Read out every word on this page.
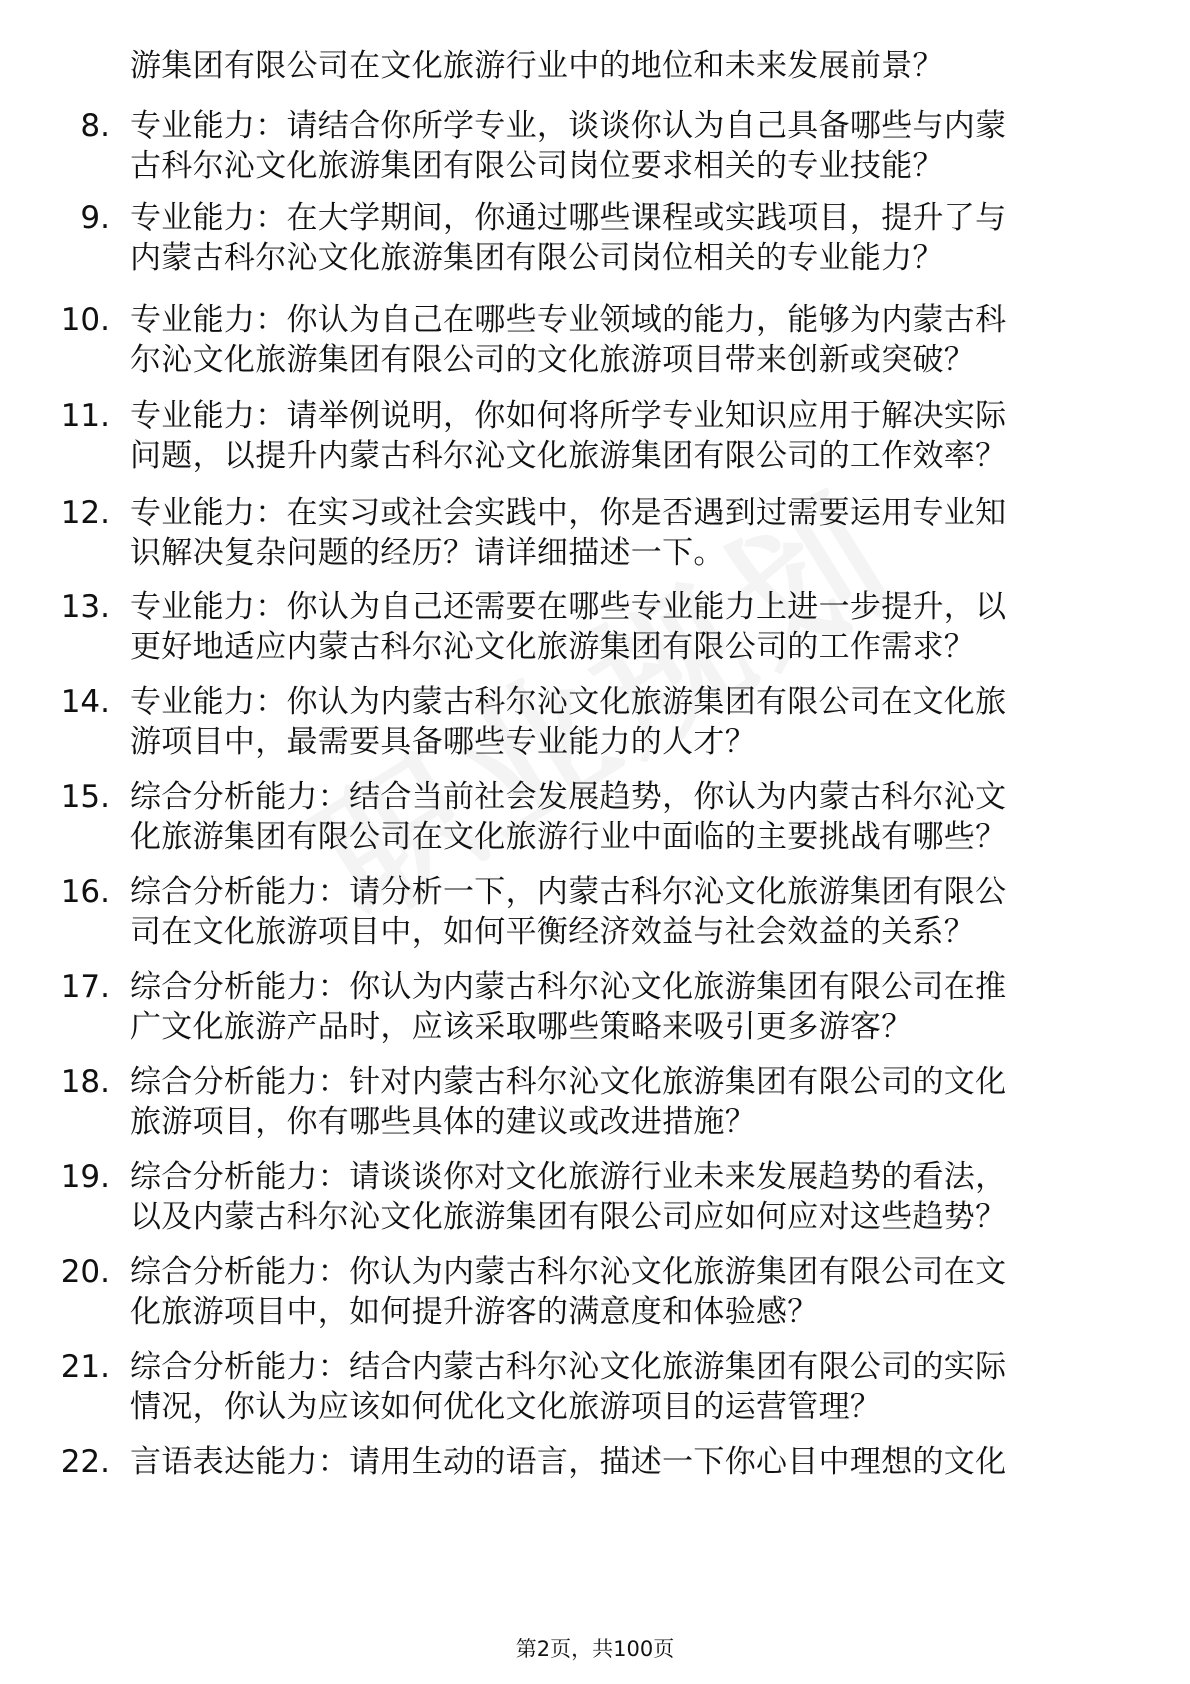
游集团有限公司在文化旅游行业中的地位和未来发展前景？
8. 专业能力：请结合你所学专业，谈谈你认为自己具备哪些与内蒙
古科尔沁文化旅游集团有限公司岗位要求相关的专业技能？
9. 专业能力：在大学期间，你通过哪些课程或实践项目，提升了与
内蒙古科尔沁文化旅游集团有限公司岗位相关的专业能力？
10. 专业能力：你认为自己在哪些专业领域的能力，能够为内蒙古科
尔沁文化旅游集团有限公司的文化旅游项目带来创新或突破？
11. 专业能力：请举例说明，你如何将所学专业知识应用于解决实际
问题，以提升内蒙古科尔沁文化旅游集团有限公司的工作效率？
12. 专业能力：在实习或社会实践中，你是否遇到过需要运用专业知
识解决复杂问题的经历？请详细描述一下。
13. 专业能力：你认为自己还需要在哪些专业能力上进一步提升，以
更好地适应内蒙古科尔沁文化旅游集团有限公司的工作需求？
14. 专业能力：你认为内蒙古科尔沁文化旅游集团有限公司在文化旅
游项目中，最需要具备哪些专业能力的人才？
15. 综合分析能力：结合当前社会发展趋势，你认为内蒙古科尔沁文
化旅游集团有限公司在文化旅游行业中面临的主要挑战有哪些？
16. 综合分析能力：请分析一下，内蒙古科尔沁文化旅游集团有限公
司在文化旅游项目中，如何平衡经济效益与社会效益的关系？
17. 综合分析能力：你认为内蒙古科尔沁文化旅游集团有限公司在推
广文化旅游产品时，应该采取哪些策略来吸引更多游客？
18. 综合分析能力：针对内蒙古科尔沁文化旅游集团有限公司的文化
旅游项目，你有哪些具体的建议或改进措施？
19. 综合分析能力：请谈谈你对文化旅游行业未来发展趋势的看法，
以及内蒙古科尔沁文化旅游集团有限公司应如何应对这些趋势？
20. 综合分析能力：你认为内蒙古科尔沁文化旅游集团有限公司在文
化旅游项目中，如何提升游客的满意度和体验感？
21. 综合分析能力：结合内蒙古科尔沁文化旅游集团有限公司的实际
情况，你认为应该如何优化文化旅游项目的运营管理？
22. 言语表达能力：请用生动的语言，描述一下你心目中理想的文化
第2页，共100页
